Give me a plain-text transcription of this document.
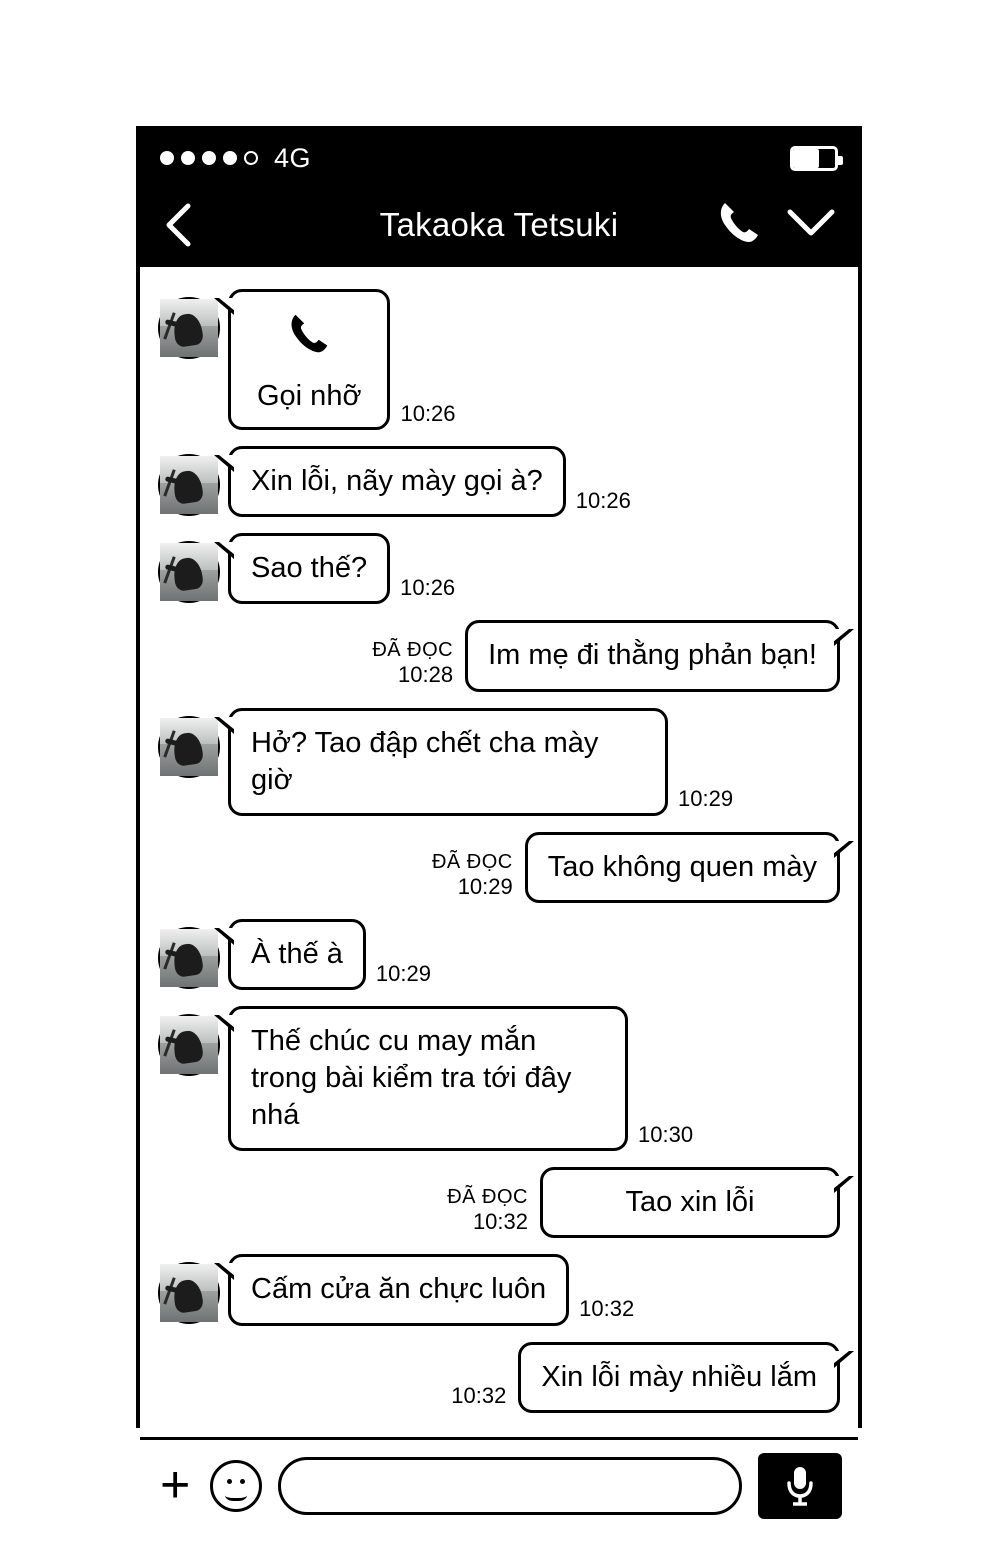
4G
Takaoka Tetsuki
Gọi nhỡ
10:26
Xin lỗi, nãy mày gọi à?
10:26
Sao thế?
10:26
ĐÃ ĐỌC
10:28
Im mẹ đi thằng phản bạn!
Hở? Tao đập chết cha mày giờ
10:29
ĐÃ ĐỌC
10:29
Tao không quen mày
À thế à
10:29
Thế chúc cu may mắn trong bài kiểm tra tới đây nhá
10:30
ĐÃ ĐỌC
10:32
Tao xin lỗi
Cấm cửa ăn chực luôn
10:32
10:32
Xin lỗi mày nhiều lắm
+
